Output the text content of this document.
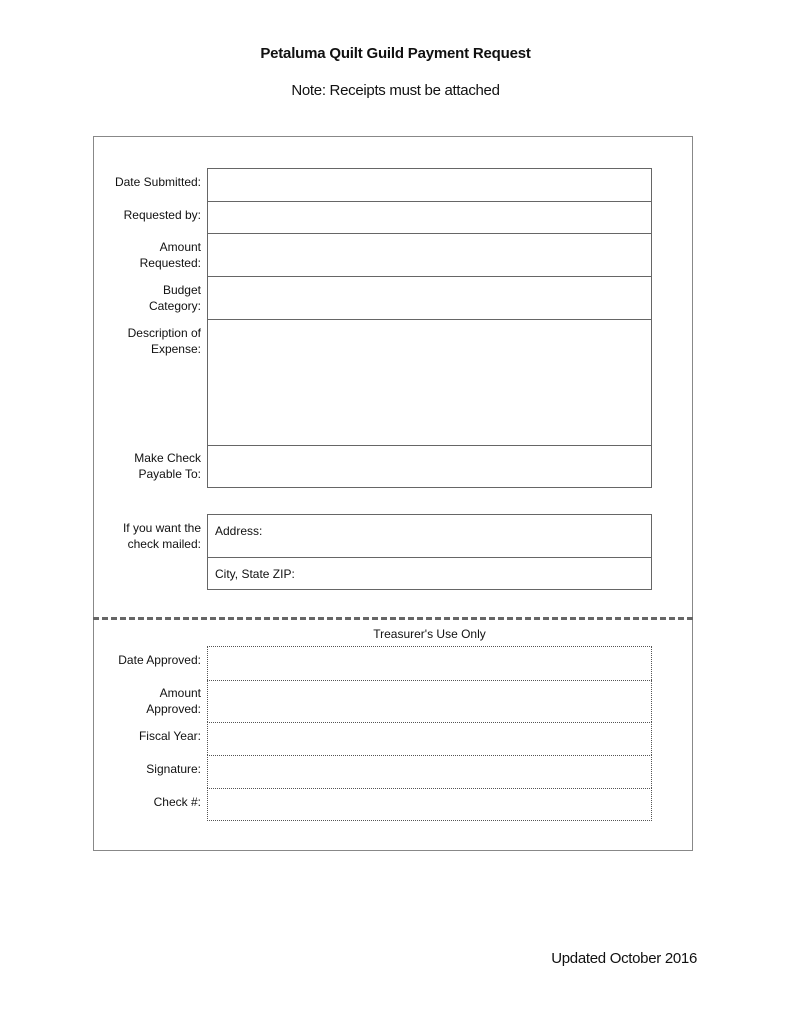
Petaluma Quilt Guild Payment Request
Note: Receipts must be attached
Date Submitted:
Requested by:
Amount
Requested:
Budget
Category:
Description of
Expense:
Make Check
Payable To:
If you want the
check mailed:
Address:
City, State ZIP:
Treasurer's Use Only
Date Approved:
Amount
Approved:
Fiscal Year:
Signature:
Check #:
Updated October 2016
